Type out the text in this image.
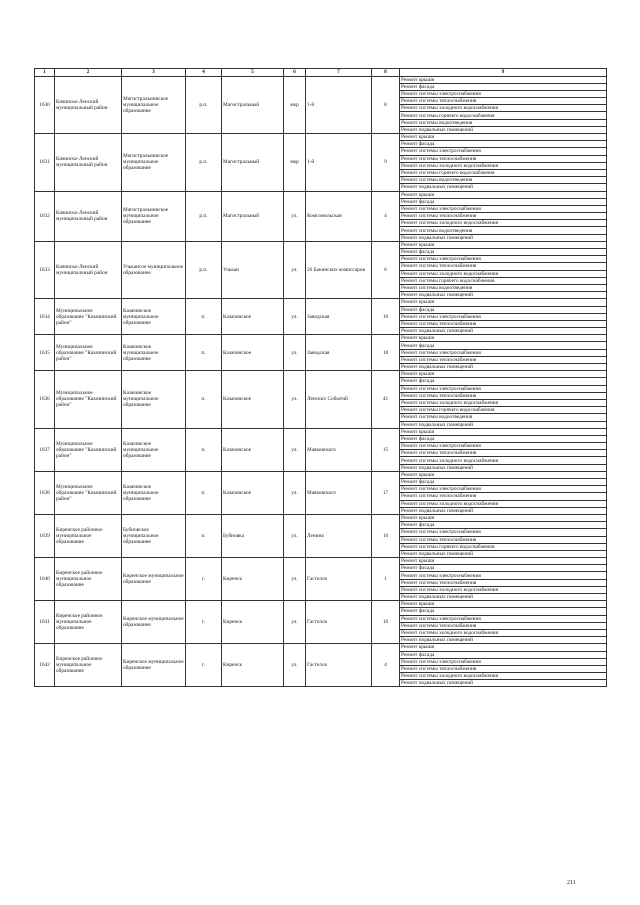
1	2	3	4	5	6	7	8	9
1630	Качинско-Ленский муниципальный район	Магистральнинское муниципальное образование	р.п.	Магистральный	мкр	1-й	8	Ремонт крыши
								Ремонт фасада
								Ремонт системы электроснабжения
								Ремонт системы теплоснабжения
								Ремонт системы холодного водоснабжения
								Ремонт системы горячего водоснабжения
								Ремонт системы водоотведения
								Ремонт подвальных помещений
1631	Качинско-Ленский муниципальный район	Магистральнинское муниципальное образование	р.п.	Магистральный	мкр	1-й	9	Ремонт крыши
								Ремонт фасада
								Ремонт системы электроснабжения
								Ремонт системы теплоснабжения
								Ремонт системы холодного водоснабжения
								Ремонт системы горячего водоснабжения
								Ремонт системы водоотведения
								Ремонт подвальных помещений
1632	Качинско-Ленский муниципальный район	Магистральнинское муниципальное образование	р.п.	Магистральный	ул.	Комсомольская	4	Ремонт крыши
								Ремонт фасада
								Ремонт системы электроснабжения
								Ремонт системы теплоснабжения
								Ремонт системы холодного водоснабжения
								Ремонт системы водоотведения
								Ремонт подвальных помещений
1633	Качинско-Ленский муниципальный район	Улькансое муниципальное образование	р.п.	Улькан	ул.	26 Бакинских комиссаров	6	Ремонт крыши
								Ремонт фасада
								Ремонт системы электроснабжения
								Ремонт системы теплоснабжения
								Ремонт системы холодного водоснабжения
								Ремонт системы горячего водоснабжения
								Ремонт системы водоотведения
								Ремонт подвальных помещений
1634	Муниципальное образование "Казачинский район"	Казачинское муниципальное образование	п.	Казачинское	ул.	Заводская	10	Ремонт крыши
								Ремонт фасада
								Ремонт системы электроснабжения
								Ремонт системы теплоснабжения
								Ремонт подвальных помещений
1635	Муниципальное образование "Казачинский район"	Казачинское муниципальное образование	п.	Казачинское	ул.	Заводская	18	Ремонт крыши
								Ремонт фасада
								Ремонт системы электроснабжения
								Ремонт системы теплоснабжения
								Ремонт подвальных помещений
1636	Муниципальное образование "Казачинский район"	Казачинское муниципальное образование	п.	Казачинское	ул.	Ленских Событий	41	Ремонт крыши
								Ремонт фасада
								Ремонт системы электроснабжения
								Ремонт системы теплоснабжения
								Ремонт системы холодного водоснабжения
								Ремонт системы горячего водоснабжения
								Ремонт системы водоотведения
								Ремонт подвальных помещений
1637	Муниципальное образование "Казачинский район"	Казачинское муниципальное образование	п.	Казачинское	ул.	Маяковского	15	Ремонт крыши
								Ремонт фасада
								Ремонт системы электроснабжения
								Ремонт системы теплоснабжения
								Ремонт системы холодного водоснабжения
								Ремонт подвальных помещений
1638	Муниципальное образование "Казачинский район"	Казачинское муниципальное образование	п.	Казачинское	ул.	Маяковского	17	Ремонт крыши
								Ремонт фасада
								Ремонт системы электроснабжения
								Ремонт системы теплоснабжения
								Ремонт системы холодного водоснабжения
								Ремонт подвальных помещений
1639	Киренское районное муниципальное образование	Бубновское муниципальное образование	п.	Бубновка	ул.	Ленина	10	Ремонт крыши
								Ремонт фасада
								Ремонт системы электроснабжения
								Ремонт системы теплоснабжения
								Ремонт системы горячего водоснабжения
								Ремонт подвальных помещений
1640	Киренское районное муниципальное образование	Киренское муниципальное образование	г.	Киренск	ул.	Гастелло	1	Ремонт крыши
								Ремонт фасада
								Ремонт системы электроснабжения
								Ремонт системы теплоснабжения
								Ремонт системы холодного водоснабжения
								Ремонт подвальных помещений
1641	Киренское районное муниципальное образование	Киренское муниципальное образование	г.	Киренск	ул.	Гастелло	10	Ремонт крыши
								Ремонт фасада
								Ремонт системы электроснабжения
								Ремонт системы теплоснабжения
								Ремонт системы холодного водоснабжения
								Ремонт подвальных помещений
1642	Киренское районное муниципальное образование	Киренское муниципальное образование	г.	Киренск	ул.	Гастелло	4	Ремонт крыши
								Ремонт фасада
								Ремонт системы электроснабжения
								Ремонт системы теплоснабжения
								Ремонт системы холодного водоснабжения
								Ремонт подвальных помещений
211
